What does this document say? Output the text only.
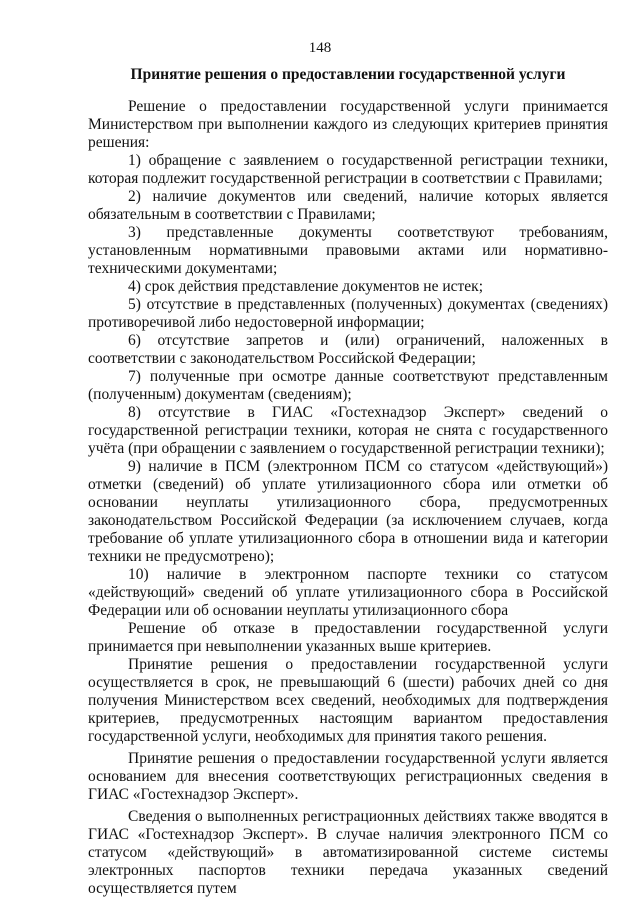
148
Принятие решения о предоставлении государственной услуги

Решение о предоставлении государственной услуги принимается Министерством при выполнении каждого из следующих критериев принятия решения:

1) обращение с заявлением о государственной регистрации техники, которая подлежит государственной регистрации в соответствии с Правилами;

2) наличие документов или сведений, наличие которых является обязательным в соответствии с Правилами;

3) представленные документы соответствуют требованиям, установленным нормативными правовыми актами или нормативно-техническими документами;

4) срок действия представление документов не истек;

5) отсутствие в представленных (полученных) документах (сведениях) противоречивой либо недостоверной информации;

6) отсутствие запретов и (или) ограничений, наложенных в соответствии с законодательством Российской Федерации;

7) полученные при осмотре данные соответствуют представленным (полученным) документам (сведениям);

8) отсутствие в ГИАС «Гостехнадзор Эксперт» сведений о государственной регистрации техники, которая не снята с государственного учёта (при обращении с заявлением о государственной регистрации техники);

9) наличие в ПСМ (электронном ПСМ со статусом «действующий») отметки (сведений) об уплате утилизационного сбора или отметки об основании неуплаты утилизационного сбора, предусмотренных законодательством Российской Федерации (за исключением случаев, когда требование об уплате утилизационного сбора в отношении вида и категории техники не предусмотрено);

10) наличие в электронном паспорте техники со статусом «действующий» сведений об уплате утилизационного сбора в Российской Федерации или об основании неуплаты утилизационного сбора

Решение об отказе в предоставлении государственной услуги принимается при невыполнении указанных выше критериев.

Принятие решения о предоставлении государственной услуги осуществляется в срок, не превышающий 6 (шести) рабочих дней со дня получения Министерством всех сведений, необходимых для подтверждения критериев, предусмотренных настоящим вариантом предоставления государственной услуги, необходимых для принятия такого решения.

Принятие решения о предоставлении государственной услуги является основанием для внесения соответствующих регистрационных сведения в ГИАС «Гостехнадзор Эксперт».

Сведения о выполненных регистрационных действиях также вводятся в ГИАС «Гостехнадзор Эксперт». В случае наличия электронного ПСМ со статусом «действующий» в автоматизированной системе системы электронных паспортов техники передача указанных сведений осуществляется путем
